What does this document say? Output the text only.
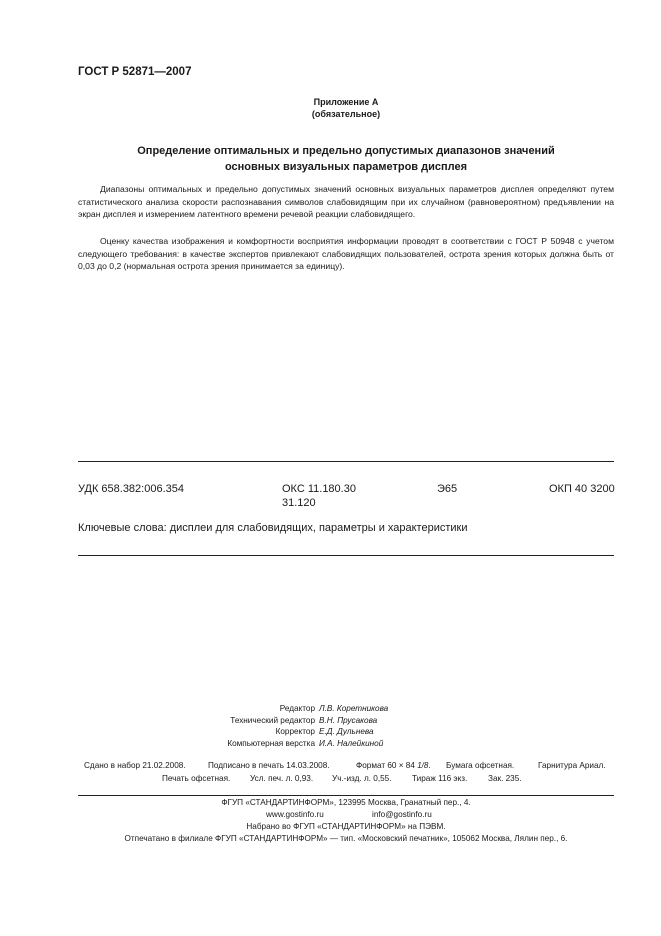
ГОСТ Р 52871—2007
Приложение А
(обязательное)
Определение оптимальных и предельно допустимых диапазонов значений
основных визуальных параметров дисплея

Диапазоны оптимальных и предельно допустимых значений основных визуальных параметров дисплея определяют путем статистического анализа скорости распознавания символов слабовидящим при их случайном (равновероятном) предъявлении на экран дисплея и измерением латентного времени речевой реакции слабовидящего.

Оценку качества изображения и комфортности восприятия информации проводят в соответствии с ГОСТ Р 50948 с учетом следующего требования: в качестве экспертов привлекают слабовидящих пользователей, острота зрения которых должна быть от 0,03 до 0,2 (нормальная острота зрения принимается за единицу).

УДК 658.382:006.354	ОКС 11.180.30
31.120
Э65	ОКП 40 3200
Ключевые слова: дисплеи для слабовидящих, параметры и характеристики
Редактор Л.В. Коретникова
Технический редактор В.Н. Прусакова
Корректор Е.Д. Дульнева
Компьютерная верстка И.А. Налейкиной
Сдано в набор 21.02.2008.	Подписано в печать 14.03.2008.	Формат 60 × 84 1/8. Бумага офсетная.	Гарнитура Ариал.
Печать офсетная. Усл. печ. л. 0,93. Уч.-изд. л. 0,55.	Тираж 116 экз.	Зак. 235.
ФГУП «СТАНДАРТИНФОРМ», 123995 Москва, Гранатный пер., 4.
www.gostinfo.ru	info@gostinfo.ru
Набрано во ФГУП «СТАНДАРТИНФОРМ» на ПЭВМ.
Отпечатано в филиале ФГУП «СТАНДАРТИНФОРМ» — тип. «Московский печатник», 105062 Москва, Лялин пер., 6.
